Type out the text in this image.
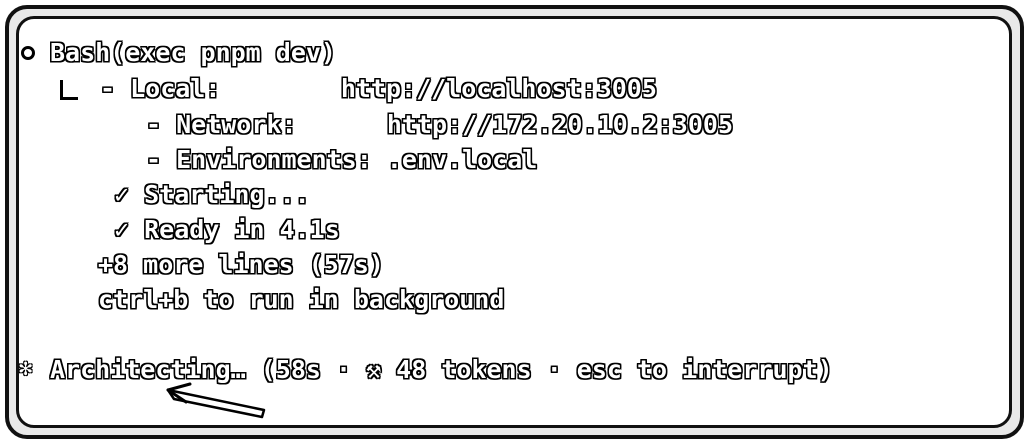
Bash(exec pnpm dev)
- Local:        http://localhost:3005
- Network:      http://172.20.10.2:3005
- Environments: .env.local
✓ Starting...
✓ Ready in 4.1s
+8 more lines (57s)
ctrl+b to run in background
✻ Architecting… (58s · ⚒ 48 tokens · esc to interrupt)
